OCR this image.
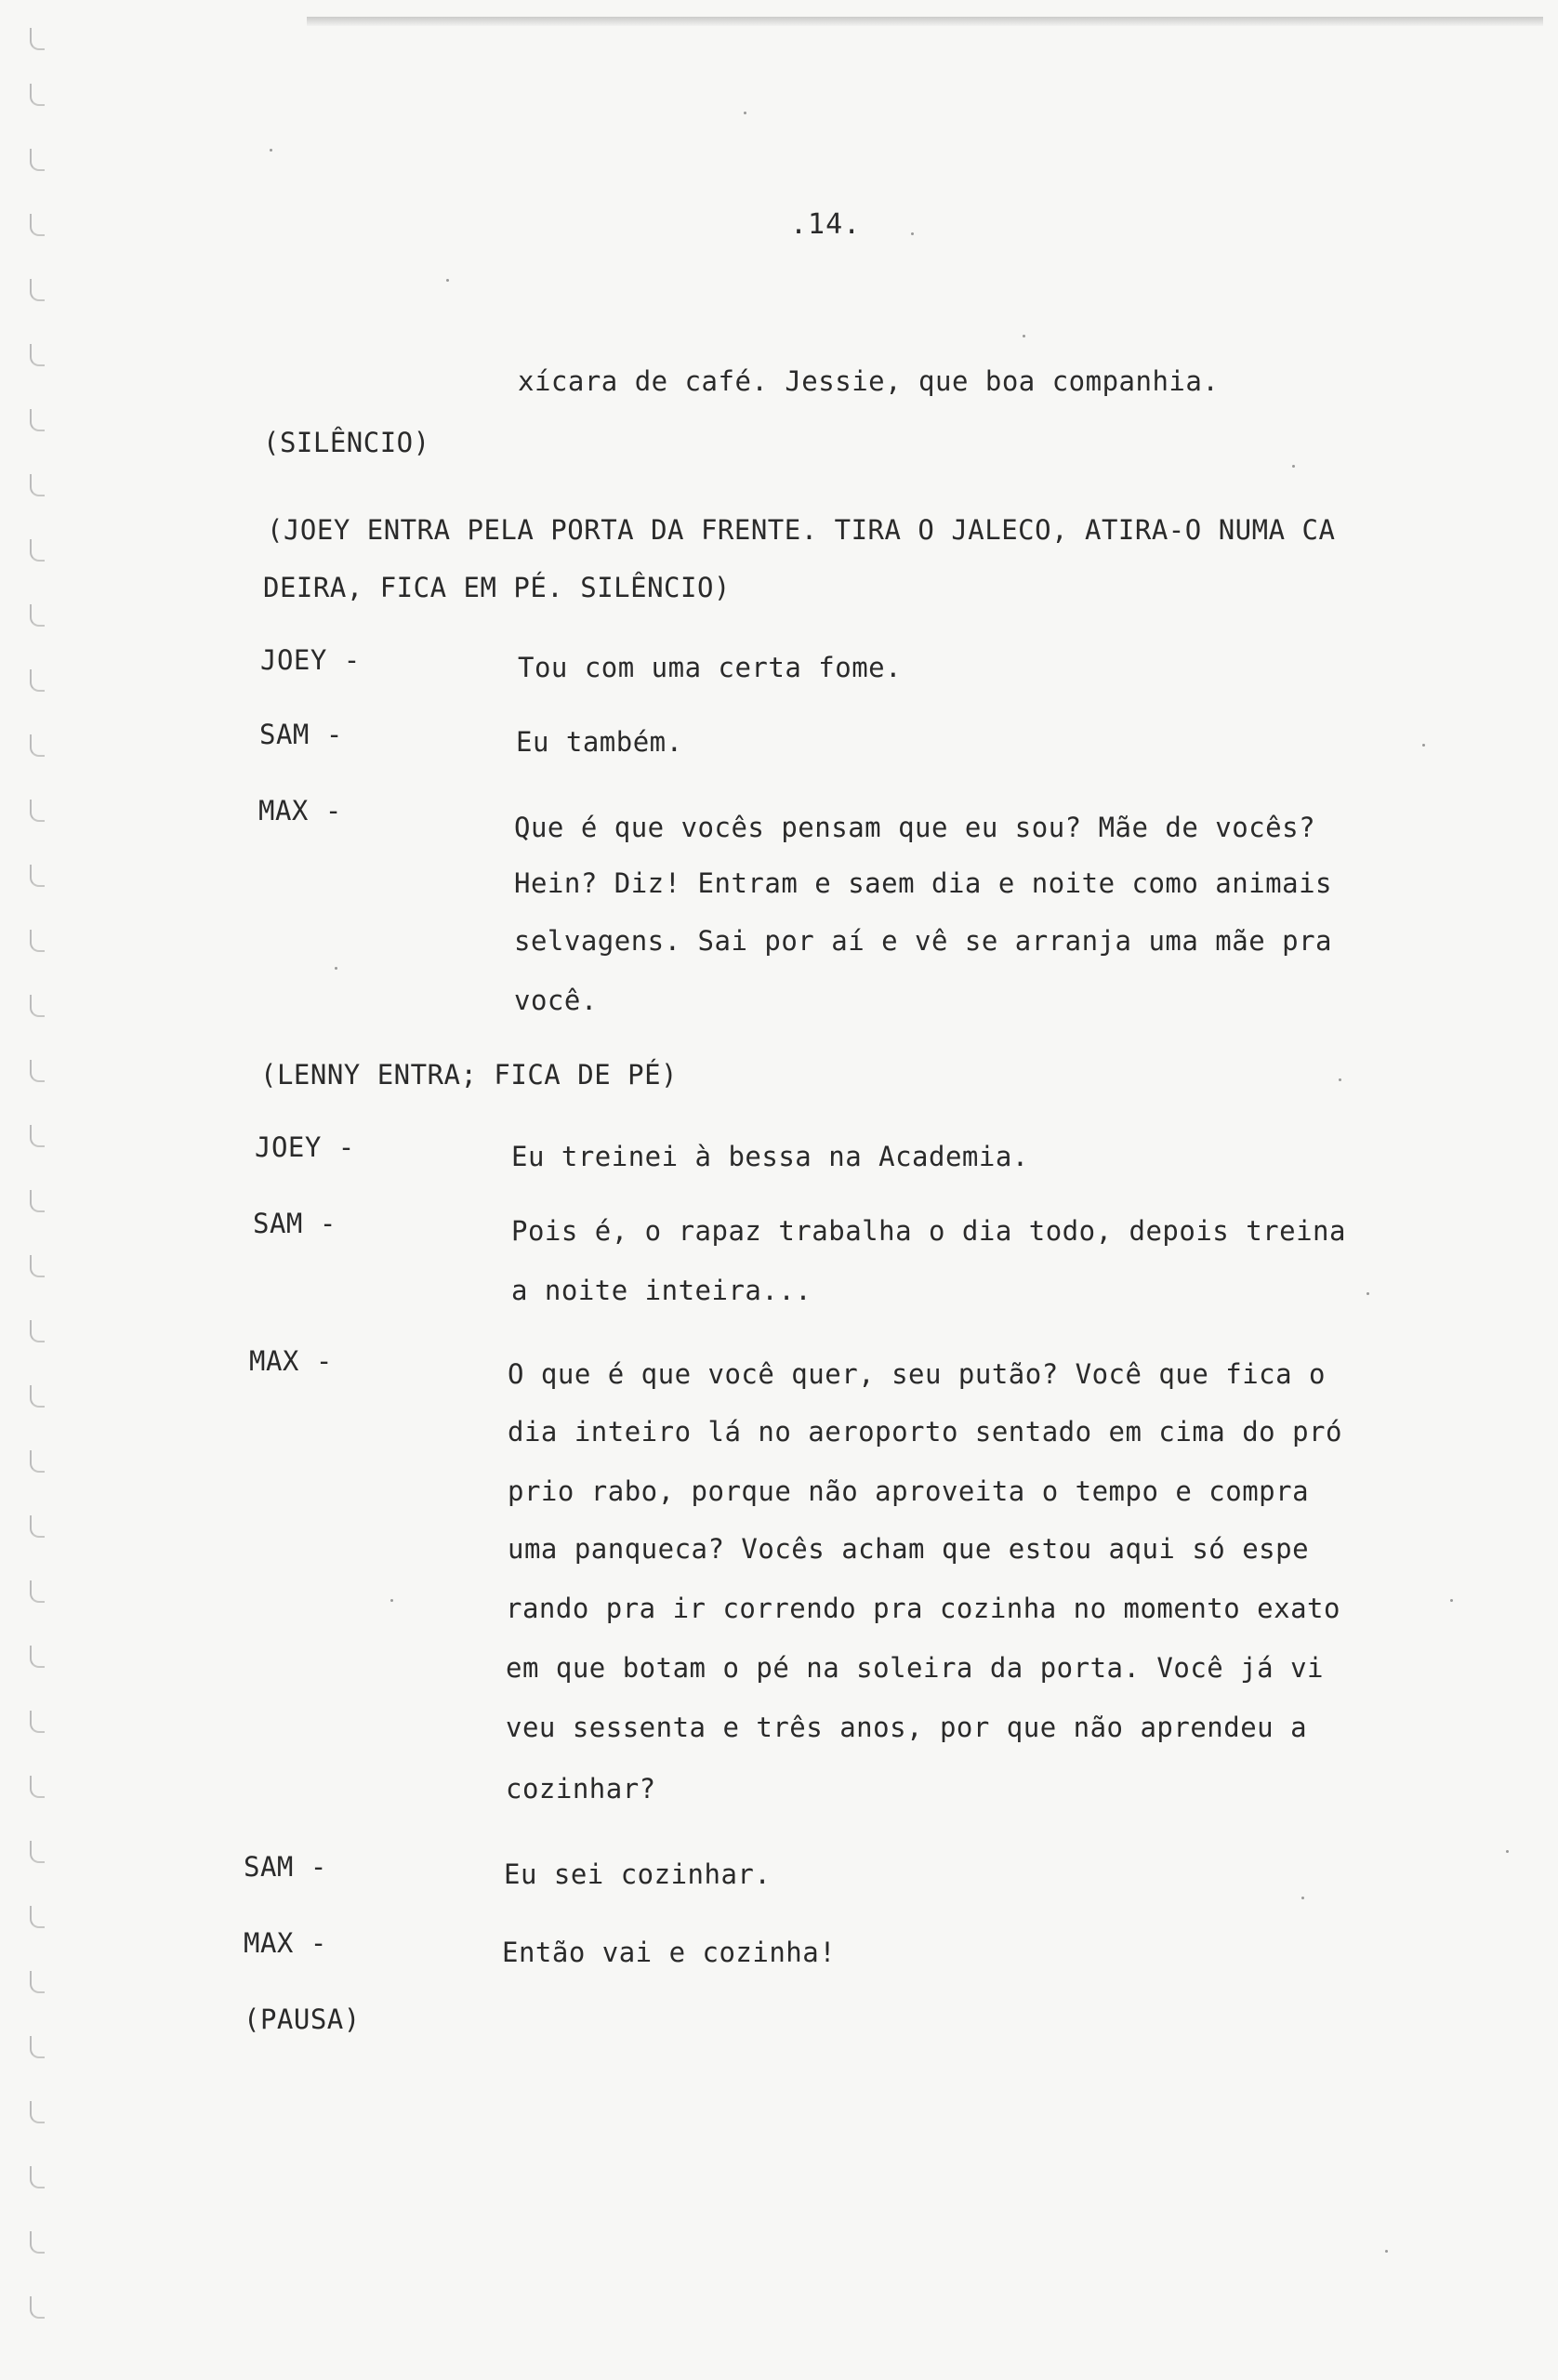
.14.
xícara de café. Jessie, que boa companhia.
(SILÊNCIO)
(JOEY ENTRA PELA PORTA DA FRENTE. TIRA O JALECO, ATIRA-O NUMA CA
DEIRA, FICA EM PÉ. SILÊNCIO)
JOEY -	Tou com uma certa fome.
SAM -	Eu também.
MAX -
Que é que vocês pensam que eu sou? Mãe de vocês?
Hein? Diz! Entram e saem dia e noite como animais
selvagens. Sai por aí e vê se arranja uma mãe pra
você.
(LENNY ENTRA; FICA DE PÉ)
JOEY -	Eu treinei à bessa na Academia.
SAM -	Pois é, o rapaz trabalha o dia todo, depois treina
a noite inteira...
MAX -	O que é que você quer, seu putão? Você que fica o
dia inteiro lá no aeroporto sentado em cima do pró
prio rabo, porque não aproveita o tempo e compra
uma panqueca? Vocês acham que estou aqui só espe
rando pra ir correndo pra cozinha no momento exato
em que botam o pé na soleira da porta. Você já vi
veu sessenta e três anos, por que não aprendeu a
cozinhar?
SAM -	Eu sei cozinhar.
MAX -	Então vai e cozinha!
(PAUSA)
